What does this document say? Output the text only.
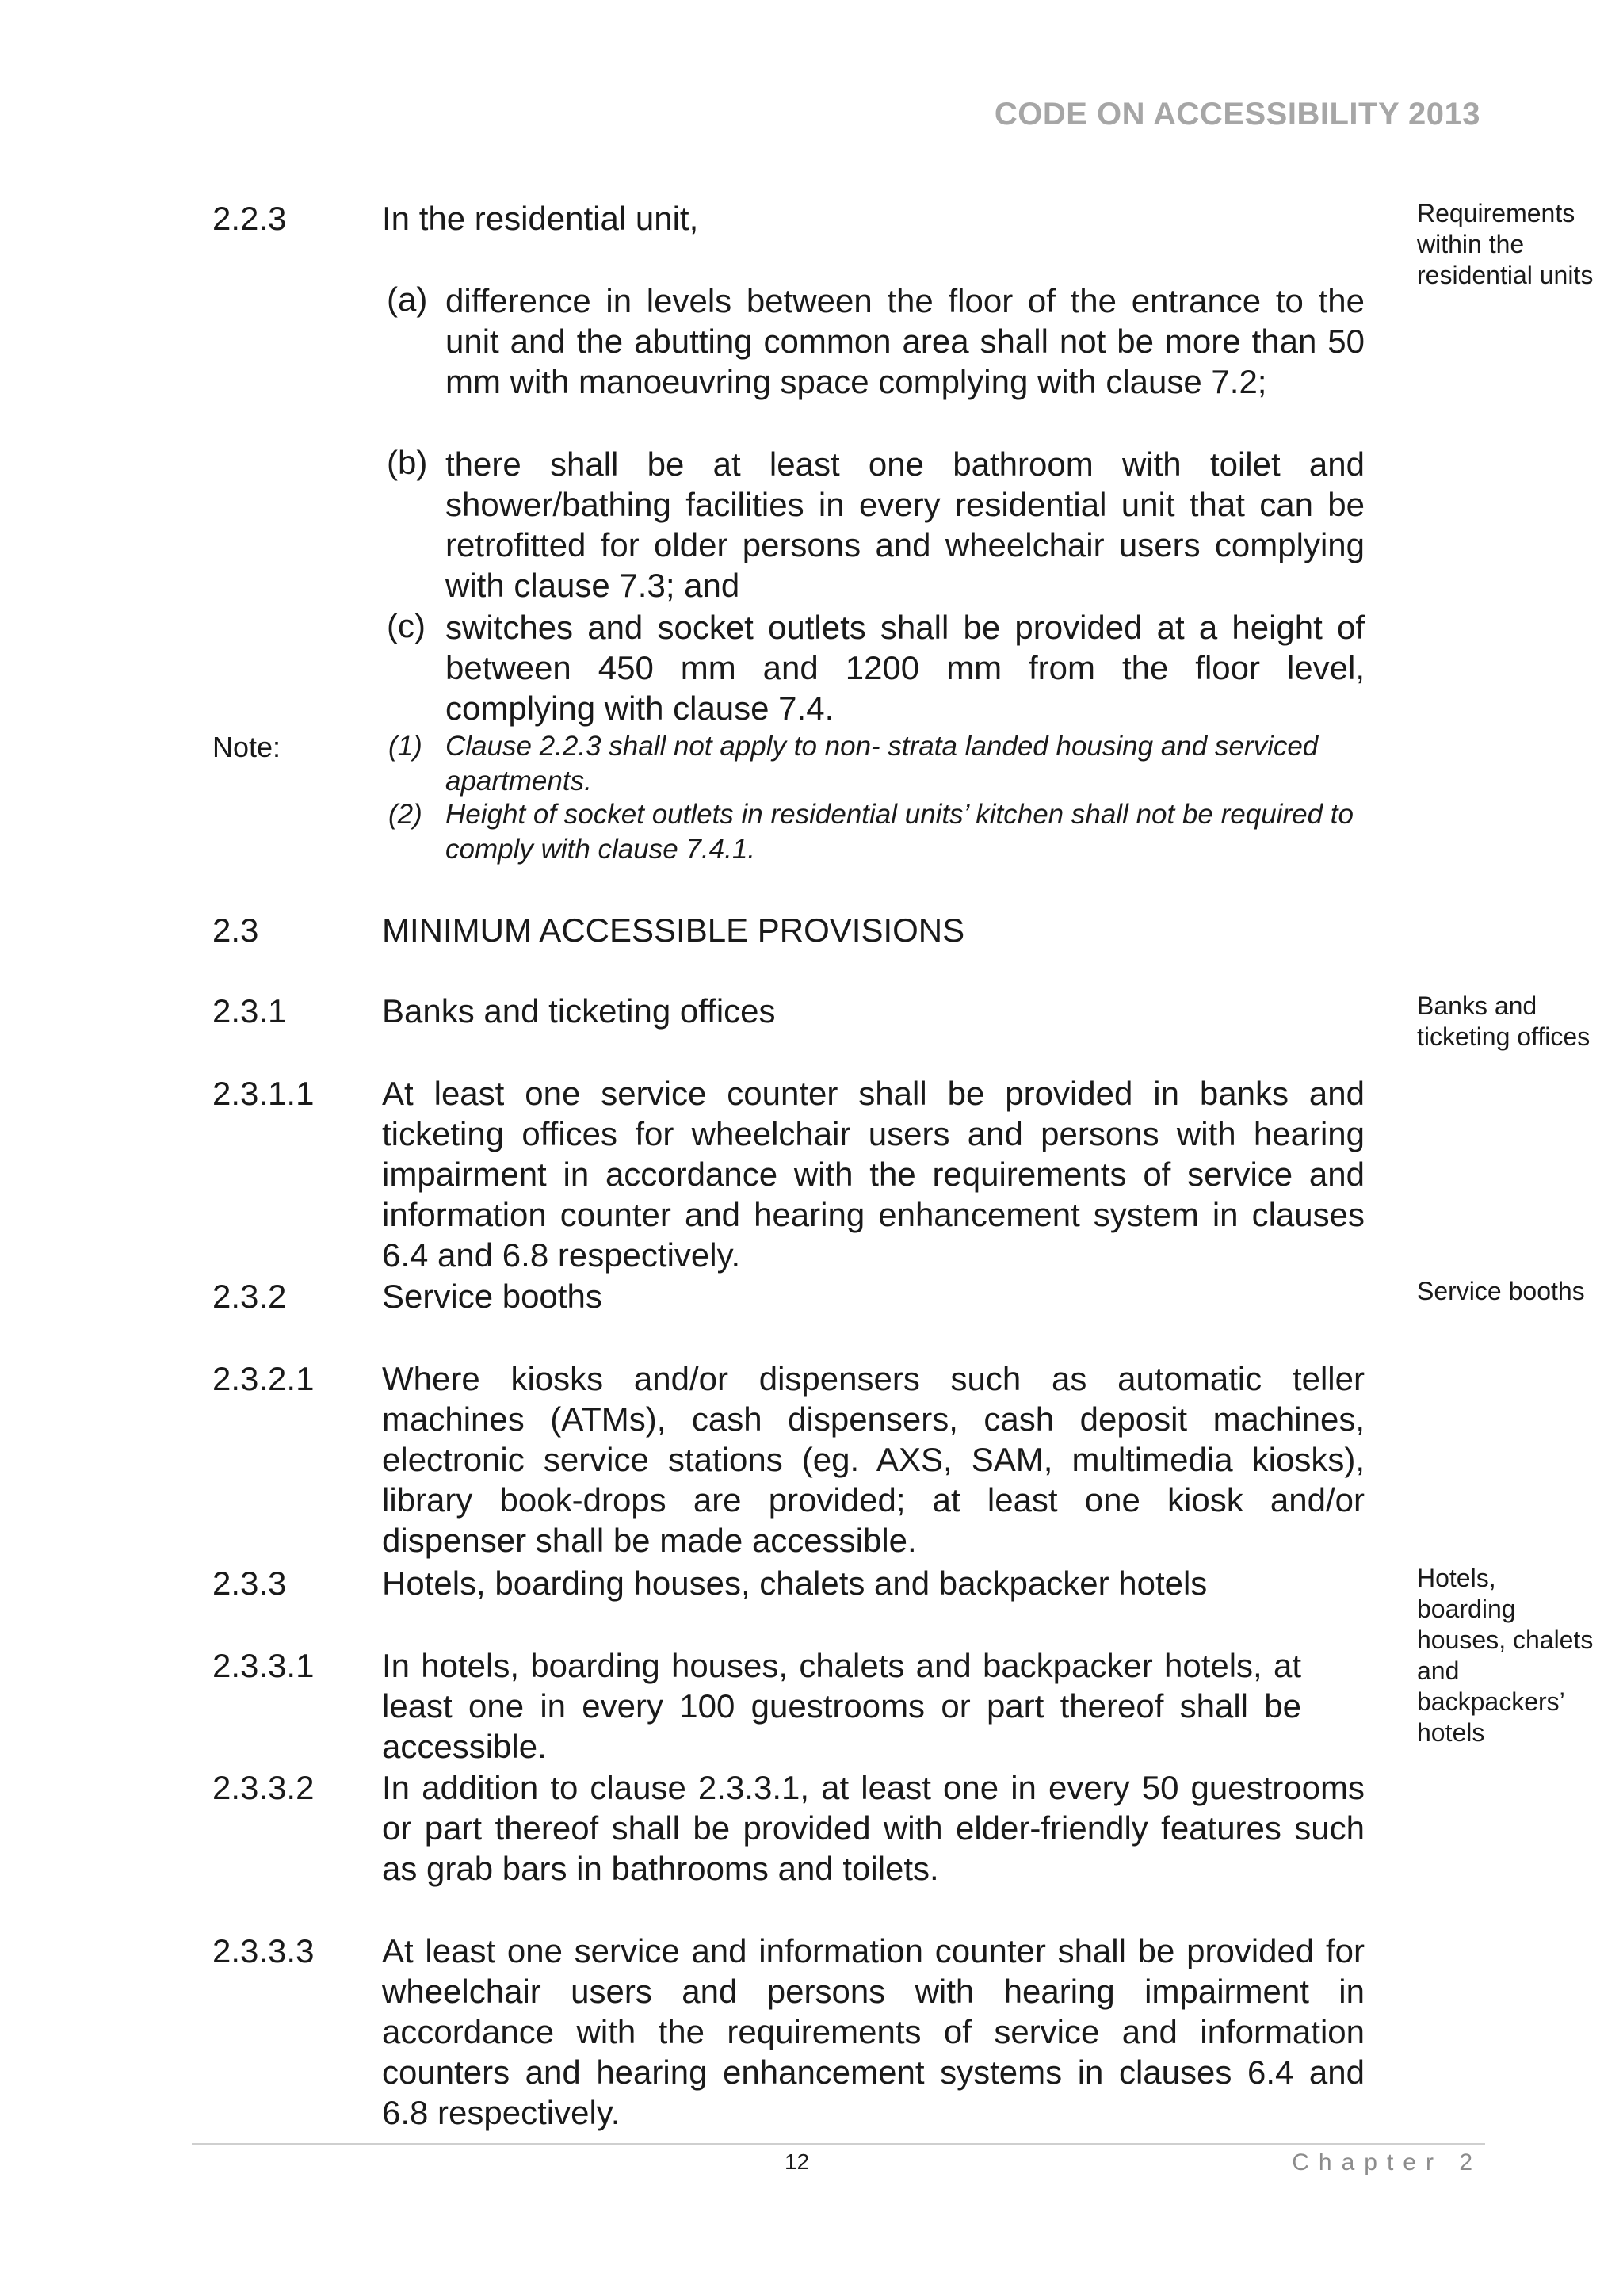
CODE ON ACCESSIBILITY 2013
2.2.3	In the residential unit,	Requirements within the residential units
(a) difference in levels between the floor of the entrance to the unit and the abutting common area shall not be more than 50 mm with manoeuvring space complying with clause 7.2;
(b) there shall be at least one bathroom with toilet and shower/bathing facilities in every residential unit that can be retrofitted for older persons and wheelchair users complying with clause 7.3; and
(c) switches and socket outlets shall be provided at a height of between 450 mm and 1200 mm from the floor level, complying with clause 7.4.
Note:	(1) Clause 2.2.3 shall not apply to non- strata landed housing and serviced apartments.
(2) Height of socket outlets in residential units’ kitchen shall not be required to comply with clause 7.4.1.
2.3	MINIMUM ACCESSIBLE PROVISIONS
2.3.1	Banks and ticketing offices	Banks and ticketing offices
2.3.1.1 At least one service counter shall be provided in banks and ticketing offices for wheelchair users and persons with hearing impairment in accordance with the requirements of service and information counter and hearing enhancement system in clauses 6.4 and 6.8 respectively.
2.3.2	Service booths	Service booths
2.3.2.1 Where kiosks and/or dispensers such as automatic teller machines (ATMs), cash dispensers, cash deposit machines, electronic service stations (eg. AXS, SAM, multimedia kiosks), library book-drops are provided; at least one kiosk and/or dispenser shall be made accessible.
2.3.3	Hotels, boarding houses, chalets and backpacker hotels	Hotels, boarding houses, chalets and backpackers’ hotels
2.3.3.1 In hotels, boarding houses, chalets and backpacker hotels, at least one in every 100 guestrooms or part thereof shall be accessible.
2.3.3.2 In addition to clause 2.3.3.1, at least one in every 50 guestrooms or part thereof shall be provided with elder-friendly features such as grab bars in bathrooms and toilets.
2.3.3.3 At least one service and information counter shall be provided for wheelchair users and persons with hearing impairment in accordance with the requirements of service and information counters and hearing enhancement systems in clauses 6.4 and 6.8 respectively.
12	Chapter 2
